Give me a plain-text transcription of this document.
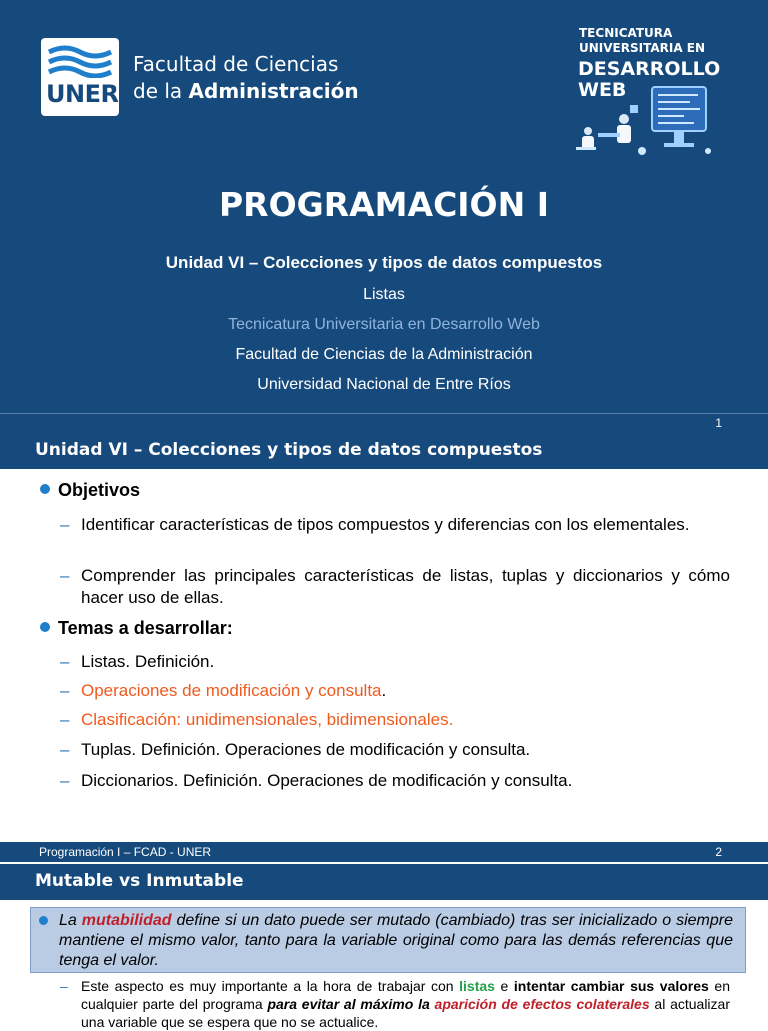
UNER
Facultad de Ciencias
de la Administración
TECNICATURA
UNIVERSITARIA EN
DESARROLLO
WEB
PROGRAMACIÓN I
Unidad VI – Colecciones y tipos de datos compuestos
Listas
Tecnicatura Universitaria en Desarrollo Web
Facultad de Ciencias de la Administración
Universidad Nacional de Entre Ríos
1
Unidad VI – Colecciones y tipos de datos compuestos
Objetivos
– Identificar características de tipos compuestos y diferencias con los elementales.
– Comprender las principales características de listas, tuplas y diccionarios y cómo hacer uso de ellas.
Temas a desarrollar:
– Listas. Definición.
– Operaciones de modificación y consulta.
– Clasificación: unidimensionales, bidimensionales.
– Tuplas. Definición. Operaciones de modificación y consulta.
– Diccionarios. Definición. Operaciones de modificación y consulta.
Programación I – FCAD - UNER	2
Mutable vs Inmutable
La mutabilidad define si un dato puede ser mutado (cambiado) tras ser inicializado o siempre mantiene el mismo valor, tanto para la variable original como para las demás referencias que tenga el valor.
– Este aspecto es muy importante a la hora de trabajar con listas e intentar cambiar sus valores en cualquier parte del programa para evitar al máximo la aparición de efectos colaterales al actualizar una variable que se espera que no se actualice.
